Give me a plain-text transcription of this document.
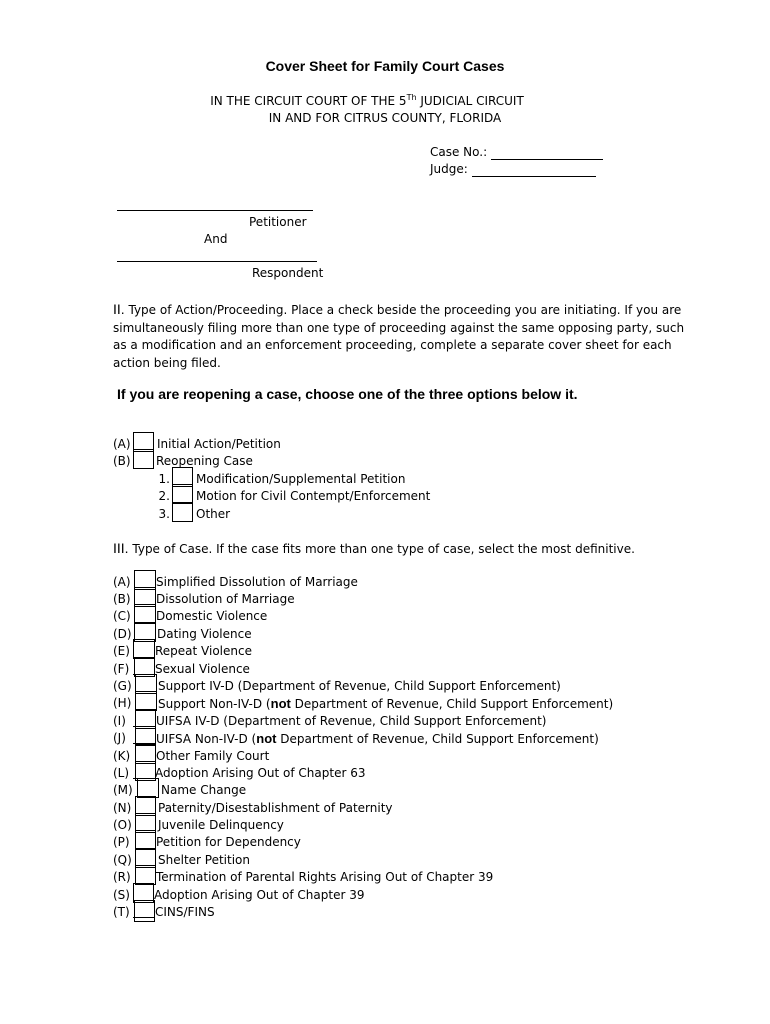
Cover Sheet for Family Court Cases
IN THE CIRCUIT COURT OF THE 5Th JUDICIAL CIRCUIT
IN AND FOR CITRUS COUNTY, FLORIDA
Case No.:
Judge:
Petitioner
And
Respondent
II. Type of Action/Proceeding. Place a check beside the proceeding you are initiating. If you are simultaneously filing more than one type of proceeding against the same opposing party, such as a modification and an enforcement proceeding, complete a separate cover sheet for each action being filed.
If you are reopening a case, choose one of the three options below it.
(A) Initial Action/Petition
(B) Reopening Case
1. Modification/Supplemental Petition
2. Motion for Civil Contempt/Enforcement
3. Other
III. Type of Case. If the case fits more than one type of case, select the most definitive.
(A) Simplified Dissolution of Marriage
(B) Dissolution of Marriage
(C) Domestic Violence
(D) Dating Violence
(E) Repeat Violence
(F) Sexual Violence
(G) Support IV-D (Department of Revenue, Child Support Enforcement)
(H) Support Non-IV-D (not Department of Revenue, Child Support Enforcement)
(I)	UIFSA IV-D (Department of Revenue, Child Support Enforcement)
(J)	UIFSA Non-IV-D (not Department of Revenue, Child Support Enforcement)
(K) Other Family Court
(L) Adoption Arising Out of Chapter 63
(M) Name Change
(N) Paternity/Disestablishment of Paternity
(O) Juvenile Delinquency
(P) Petition for Dependency
(Q) Shelter Petition
(R) Termination of Parental Rights Arising Out of Chapter 39
(S) Adoption Arising Out of Chapter 39
(T) CINS/FINS
